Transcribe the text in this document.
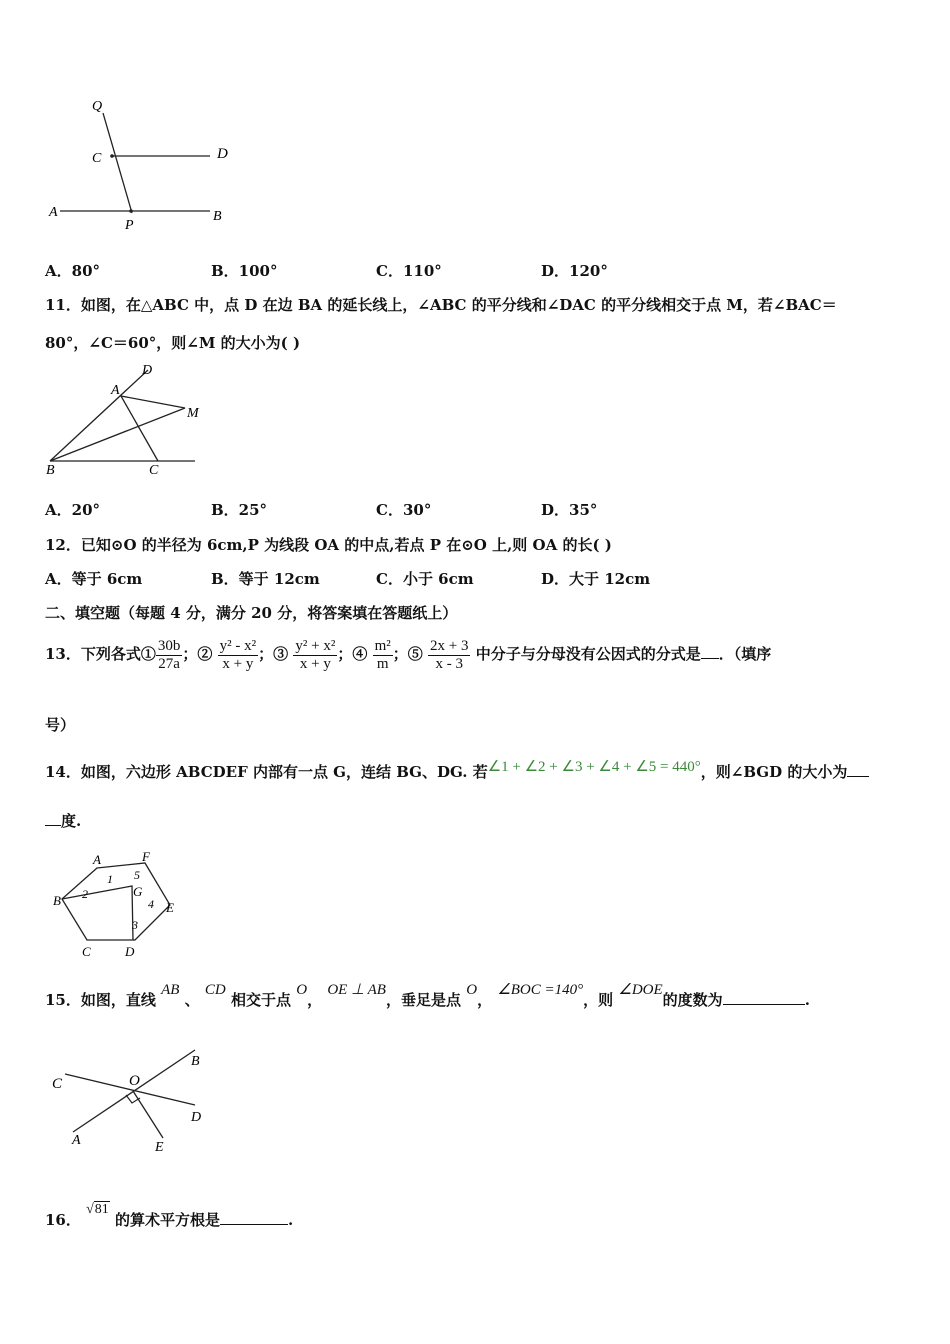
Q
C	D
A
P
B
A．80°	B．100°	C．110°	D．120°
11．如图，在△ABC 中，点 D 在边 BA 的延长线上，∠ABC 的平分线和∠DAC 的平分线相交于点 M，若∠BAC＝
80°，∠C＝60°，则∠M 的大小为( )
A
D
M
B	C
A．20°	B．25°	C．30°	D．35°
12．已知⊙O 的半径为 6cm,P 为线段 OA 的中点,若点 P 在⊙O 上,则 OA 的长( )
A．等于 6cm	B．等于 12cm	C．小于 6cm	D．大于 12cm
二、填空题（每题 4 分，满分 20 分，将答案填在答题纸上）
13．下列各式① $\frac{30b}{27a}$ ；② $\frac{\text{y² - x²}}{x + y}$ ；③ $\frac{\text{y² + x²}}{x + y}$ ；④ $\frac{\text{m²}}{m}$ ；⑤ $\frac{2x + 3}{x - 3}$ 中分子与分母没有公因式的分式是 ．（填序
号）
14．如图，六边形 ABCDEF 内部有一点 G，连结 BG、DG. 若∠1 + ∠2 + ∠3 + ∠4 + ∠5 = 440°，则∠BGD 的大小为
度.
A	F
B
G
E
C	D
1
2
3
4
5
15．如图，直线 AB 、 CD 相交于点 O， OE ⊥ AB，垂足是点 O， ∠BOC =140°，则 ∠DOE的度数为	.
C	O
B
A	E
D
16． √81 的算术平方根是	.
